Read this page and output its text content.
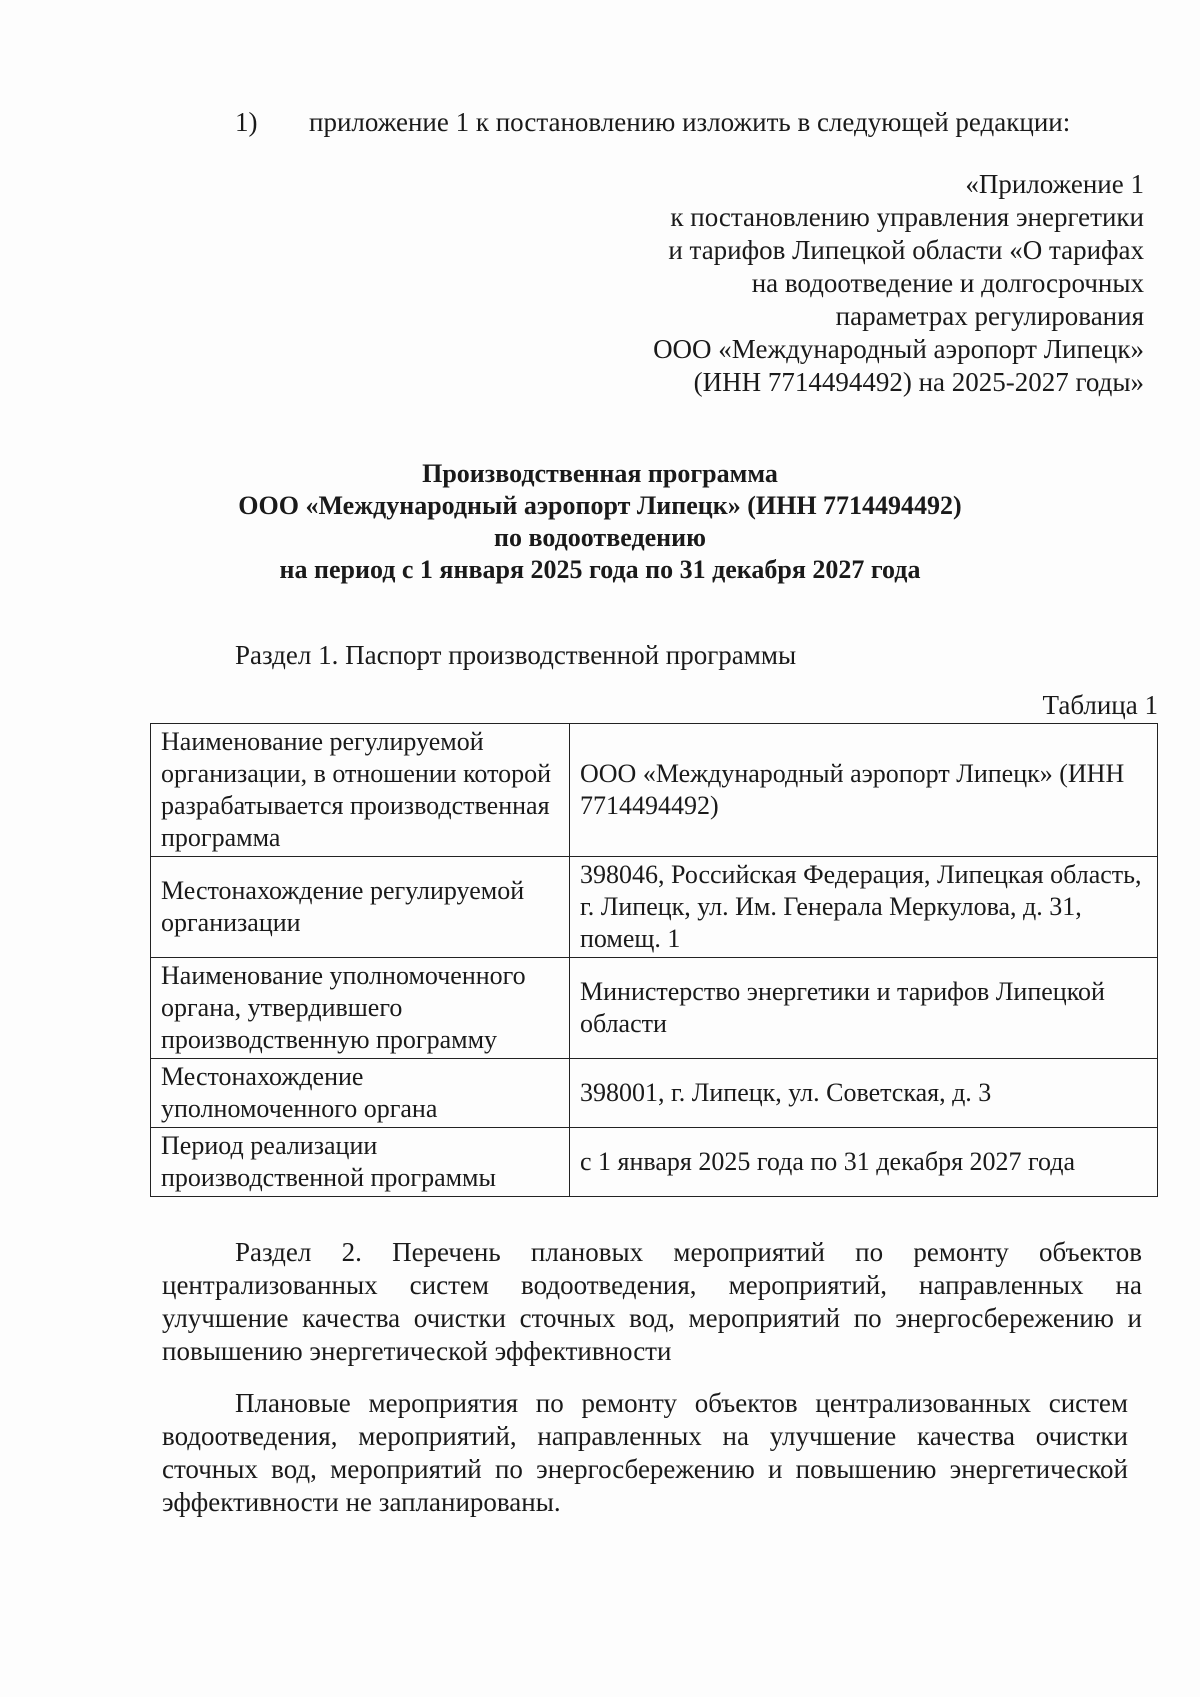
1) приложение 1 к постановлению изложить в следующей редакции:
«Приложение 1
к постановлению управления энергетики
и тарифов Липецкой области «О тарифах
на водоотведение и долгосрочных
параметрах регулирования
ООО «Международный аэропорт Липецк»
(ИНН 7714494492) на 2025-2027 годы»
Производственная программа
ООО «Международный аэропорт Липецк» (ИНН 7714494492)
по водоотведению
на период с 1 января 2025 года по 31 декабря 2027 года
Раздел 1. Паспорт производственной программы
Таблица 1
Наименование регулируемой организации, в отношении которой разрабатывается производственная программа	ООО «Международный аэропорт Липецк» (ИНН 7714494492)
Местонахождение регулируемой организации	398046, Российская Федерация, Липецкая область, г. Липецк, ул. Им. Генерала Меркулова, д. 31, помещ. 1
Наименование уполномоченного органа, утвердившего производственную программу	Министерство энергетики и тарифов Липецкой области
Местонахождение уполномоченного органа	398001, г. Липецк, ул. Советская, д. 3
Период реализации производственной программы	с 1 января 2025 года по 31 декабря 2027 года
Раздел 2. Перечень плановых мероприятий по ремонту объектов централизованных систем водоотведения, мероприятий, направленных на улучшение качества очистки сточных вод, мероприятий по энергосбережению и повышению энергетической эффективности
Плановые мероприятия по ремонту объектов централизованных систем водоотведения, мероприятий, направленных на улучшение качества очистки сточных вод, мероприятий по энергосбережению и повышению энергетической эффективности не запланированы.
